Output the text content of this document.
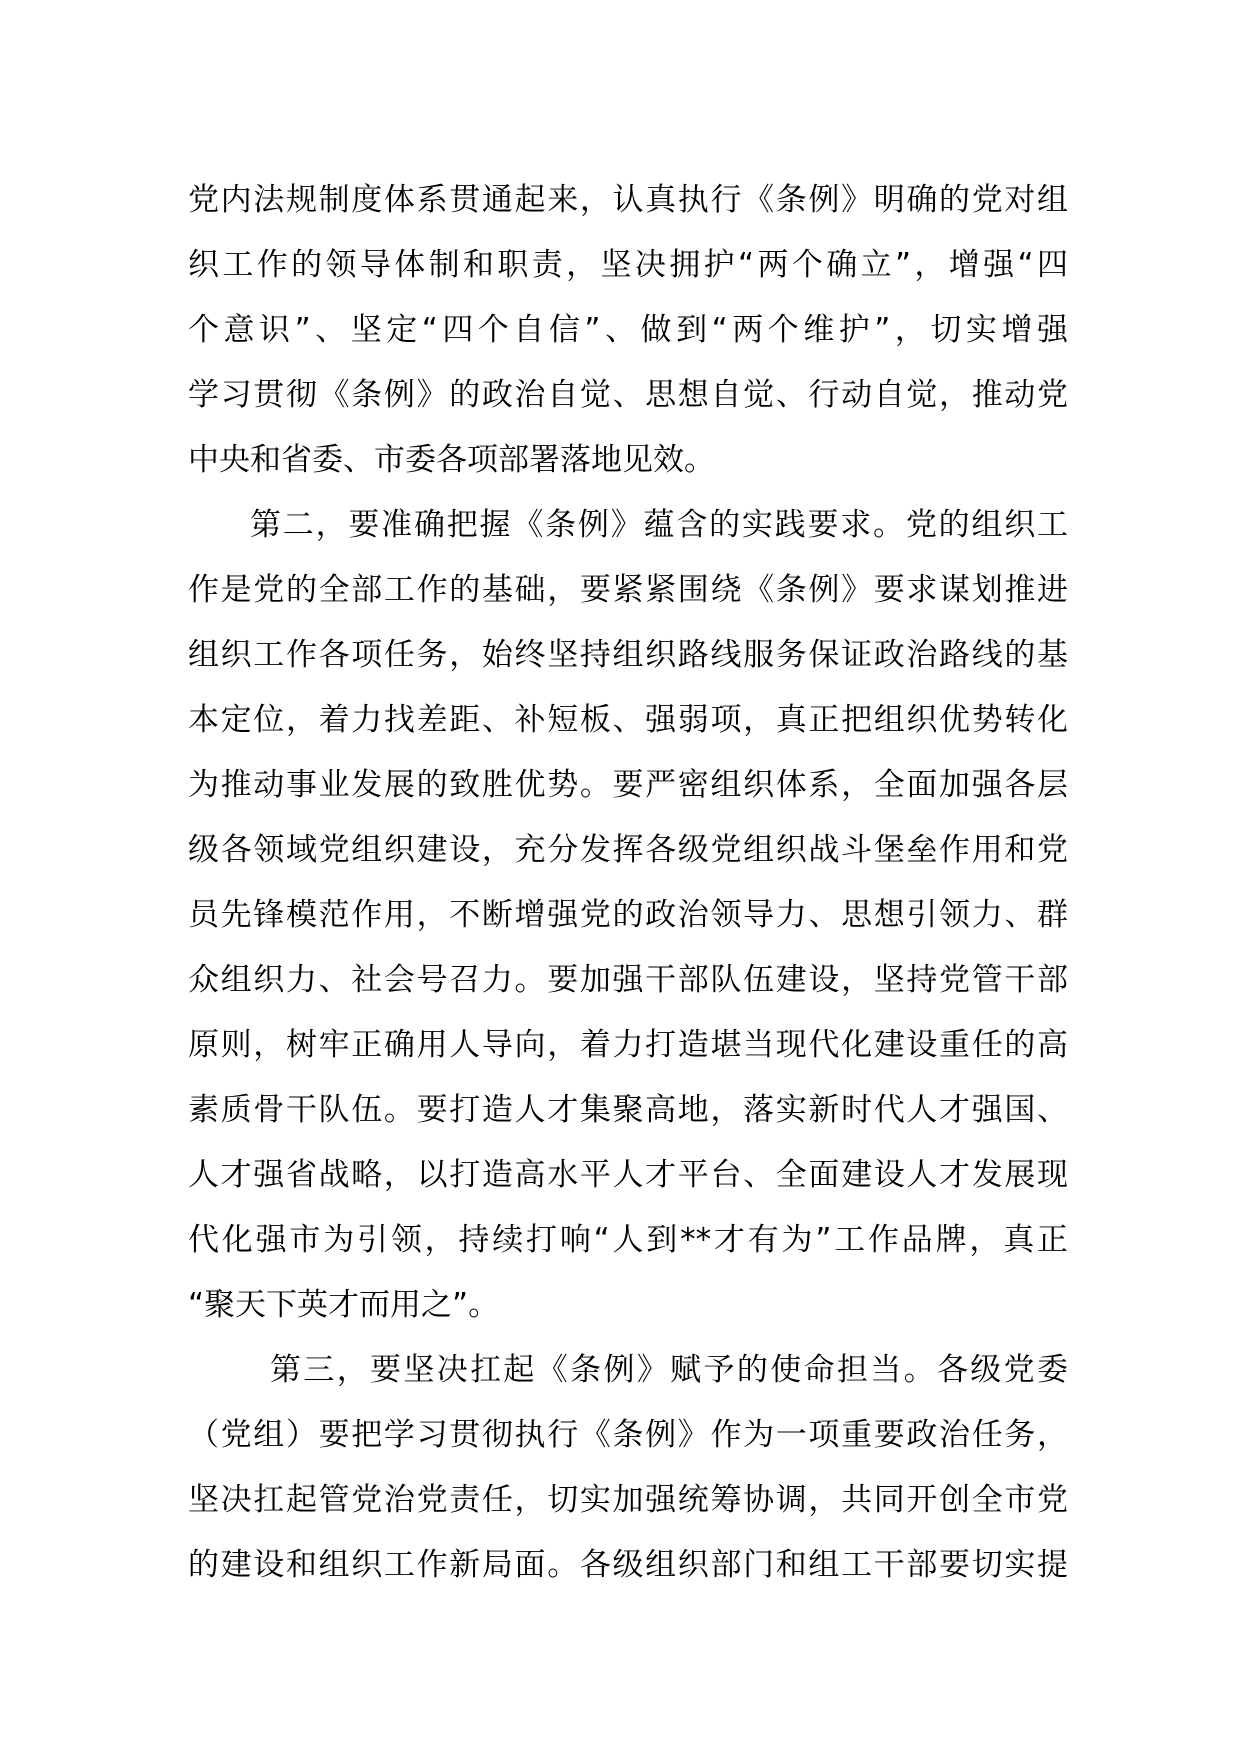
党内法规制度体系贯通起来，认真执行《条例》明确的党对组
织工作的领导体制和职责，坚决拥护“两个确立”，增强“四
个意识”、坚定“四个自信”、做到“两个维护”，切实增强
学习贯彻《条例》的政治自觉、思想自觉、行动自觉，推动党
中央和省委、市委各项部署落地见效。
第二，要准确把握《条例》蕴含的实践要求。党的组织工
作是党的全部工作的基础，要紧紧围绕《条例》要求谋划推进
组织工作各项任务，始终坚持组织路线服务保证政治路线的基
本定位，着力找差距、补短板、强弱项，真正把组织优势转化
为推动事业发展的致胜优势。要严密组织体系，全面加强各层
级各领域党组织建设，充分发挥各级党组织战斗堡垒作用和党
员先锋模范作用，不断增强党的政治领导力、思想引领力、群
众组织力、社会号召力。要加强干部队伍建设，坚持党管干部
原则，树牢正确用人导向，着力打造堪当现代化建设重任的高
素质骨干队伍。要打造人才集聚高地，落实新时代人才强国、
人才强省战略，以打造高水平人才平台、全面建设人才发展现
代化强市为引领，持续打响“人到**才有为”工作品牌，真正
“聚天下英才而用之”。
第三，要坚决扛起《条例》赋予的使命担当。各级党委
（党组）要把学习贯彻执行《条例》作为一项重要政治任务，
坚决扛起管党治党责任，切实加强统筹协调，共同开创全市党
的建设和组织工作新局面。各级组织部门和组工干部要切实提
